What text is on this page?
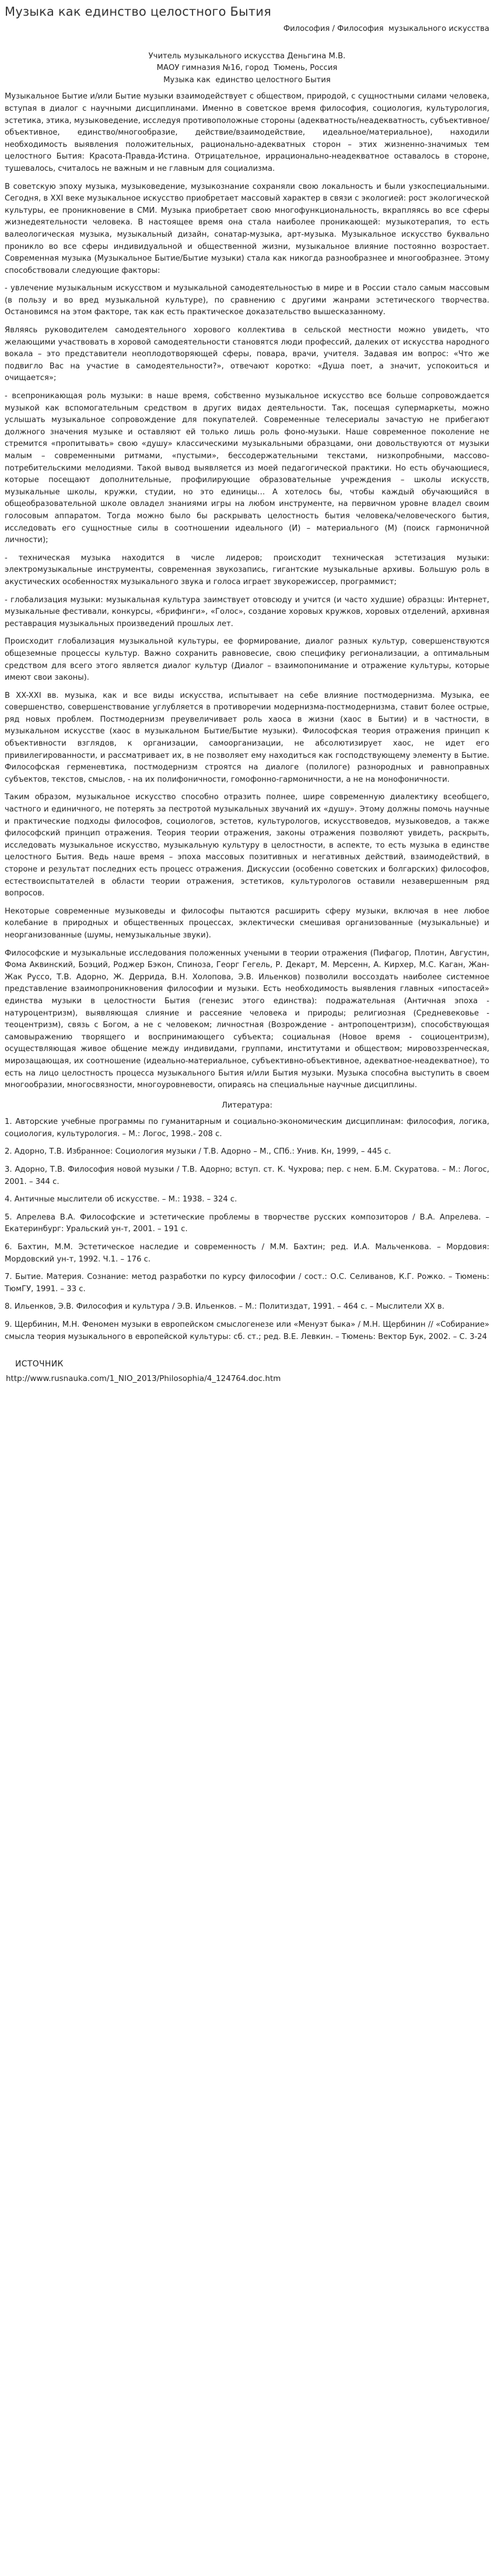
Музыка как единство целостного Бытия

Философия / Философия  музыкального искусства

Учитель музыкального искусства Деньгина М.В.

МАОУ гимназия №16, город  Тюмень, Россия

Музыка как  единство целостного Бытия

Музыкальное Бытие и/или Бытие музыки взаимодействует с обществом, природой, с сущностными силами человека, вступая в диалог с научными дисциплинами. Именно в советское время философия, социология, культурология, эстетика, этика, музыковедение, исследуя противоположные стороны (адекватность/неадекватность, субъективное/объективное, единство/многообразие, действие/взаимодействие, идеальное/материальное), находили необходимость выявления положительных, рационально-адекватных сторон – этих жизненно-значимых тем целостного Бытия: Красота-Правда-Истина. Отрицательное, иррационально-неадекватное оставалось в стороне, тушевалось, считалось не важным и не главным для социализма.

В советскую эпоху музыка, музыковедение, музыкознание сохраняли свою локальность и были узкоспециальными. Сегодня, в XXI веке музыкальное искусство приобретает массовый характер в связи с экологией: рост экологической культуры, ее проникновение в СМИ. Музыка приобретает свою многофункциональность, вкрапляясь во все сферы жизнедеятельности человека. В настоящее время она стала наиболее проникающей: музыкотерапия, то есть валеологическая музыка, музыкальный дизайн, сонатар-музыка, арт-музыка. Музыкальное искусство буквально проникло во все сферы индивидуальной и общественной жизни, музыкальное влияние постоянно возростает. Современная музыка (Музыкальное Бытие/Бытие музыки) стала как никогда разнообразнее и многообразнее. Этому способствовали следующие факторы:

- увлечение музыкальным искусством и музыкальной самодеятельностью в мире и в России стало самым массовым (в пользу и во вред музыкальной культуре), по сравнению с другими жанрами эстетического творчества. Остановимся на этом факторе, так как есть практическое доказательство вышесказанному.

Являясь руководителем самодеятельного хорового коллектива в сельской местности можно увидеть, что желающими участвовать в хоровой самодеятельности становятся люди профессий, далеких от искусства народного вокала – это представители неоплодотворяющей сферы, повара, врачи, учителя. Задавая им вопрос: «Что же подвигло Вас на участие в самодеятельности?», отвечают коротко: «Душа поет, а значит, успокоиться и очищается»;

- всепроникающая роль музыки: в наше время, собственно музыкальное искусство все больше сопровождается музыкой как вспомогательным средством в других видах деятельности. Так, посещая супермаркеты, можно услышать музыкальное сопровождение для покупателей. Современные телесериалы зачастую не прибегают должного значения музыке и оставляют ей только лишь роль фоно-музыки. Наше современное поколение не стремится «пропитывать» свою «душу» классическими музыкальными образцами, они довольствуются от музыки малым – современными ритмами, «пустыми», бессодержательными текстами, низкопробными, массово-потребительскими мелодиями. Такой вывод выявляется из моей педагогической практики. Но есть обучающиеся, которые посещают дополнительные, профилирующие образовательные учреждения – школы искусств, музыкальные школы, кружки, студии, но это единицы… А хотелось бы, чтобы каждый обучающийся в общеобразовательной школе овладел знаниями игры на любом инструменте, на первичном уровне владел своим голосовым аппаратом. Тогда можно было бы раскрывать целостность бытия человека/человеческого бытия, исследовать его сущностные силы в соотношении идеального (И) – материального (М) (поиск гармоничной личности);

- техническая музыка находится в числе лидеров; происходит техническая эстетизация музыки: электромузыкальные инструменты, современная звукозапись, гигантские музыкальные архивы. Большую роль в акустических особенностях музыкального звука и голоса играет звукорежиссер, программист;

- глобализация музыки: музыкальная культура заимствует отовсюду и учится (и часто худшие) образцы: Интернет, музыкальные фестивали, конкурсы, «брифинги», «Голос», создание хоровых кружков, хоровых отделений, архивная реставрация музыкальных произведений прошлых лет.

Происходит глобализация музыкальной культуры, ее формирование, диалог разных культур, совершенствуются общеземные процессы культур. Важно сохранить равновесие, свою специфику регионализации, а оптимальным средством для всего этого является диалог культур (Диалог – взаимопонимание и отражение культуры, которые имеют свои законы).

В XX-XXI вв. музыка, как и все виды искусства, испытывает на себе влияние постмодернизма. Музыка, ее совершенство, совершенствование углубляется в противоречии модернизма-постмодернизма, ставит более острые, ряд новых проблем. Постмодернизм преувеличивает роль хаоса в жизни (хаос в Бытии) и в частности, в музыкальном искусстве (хаос в музыкальном Бытие/Бытие музыки). Философская теория отражения принцип к объективности взглядов, к организации, самоорганизации, не абсолютизирует хаос, не идет его привилегированности, и рассматривает их, в не позволяет ему находиться как господствующему элементу в Бытие. Философская герменевтика, постмодернизм строятся на диалоге (полилоге) разнородных и равноправных субъектов, текстов, смыслов, - на их полифоничности, гомофонно-гармоничности, а не на монофоничности.

Таким образом, музыкальное искусство способно отразить полнее, шире современную диалектику всеобщего, частного и единичного, не потерять за пестротой музыкальных звучаний их «душу». Этому должны помочь научные и практические подходы философов, социологов, эстетов, культурологов, искусствоведов, музыковедов, а также философский принцип отражения. Теория теории отражения, законы отражения позволяют увидеть, раскрыть, исследовать музыкальное искусство, музыкальную культуру в целостности, в аспекте, то есть музыка в единстве целостного Бытия. Ведь наше время – эпоха массовых позитивных и негативных действий, взаимодействий, в стороне и результат последних есть процесс отражения. Дискуссии (особенно советских и болгарских) философов, естествоиспытателей в области теории отражения, эстетиков, культурологов оставили незавершенным ряд вопросов.

Некоторые современные музыковеды и философы пытаются расширить сферу музыки, включая в нее любое колебание в природных и общественных процессах, эклектически смешивая организованные (музыкальные) и неорганизованные (шумы, немузыкальные звуки).

Философские и музыкальные исследования положенных учеными в теории отражения (Пифагор, Плотин, Августин, Фома Аквинский, Боэций, Роджер Бэкон, Спиноза, Георг Гегель, Р. Декарт, М. Мерсенн, А. Кирхер, М.С. Каган, Жан-Жак Руссо, Т.В. Адорно, Ж. Деррида, В.Н. Холопова, Э.В. Ильенков) позволили воссоздать наиболее системное представление взаимопроникновения философии и музыки. Есть необходимость выявления главных «ипостасей» единства музыки в целостности Бытия (генезис этого единства): подражательная (Античная эпоха - натуроцентризм), выявляющая слияние и рассеяние человека и природы; религиозная (Средневековье - теоцентризм), связь с Богом, а не с человеком; личностная (Возрождение - антропоцентризм), способствующая самовыражению творящего и воспринимающего субъекта; социальная (Новое время - социоцентризм), осуществляющая живое общение между индивидами, группами, институтами и обществом; мировоззренческая, мирозащающая, их соотношение (идеально-материальное, субъективно-объективное, адекватное-неадекватное), то есть на лицо целостность процесса музыкального Бытия и/или Бытия музыки. Музыка способна выступить в своем многообразии, многосвязности, многоуровневости, опираясь на специальные научные дисциплины.

Литература:

1. Авторские учебные программы по гуманитарным и социально-экономическим дисциплинам: философия, логика, социология, культурология. – М.: Логос, 1998.- 208 с.

2. Адорно, Т.В. Избранное: Социология музыки / Т.В. Адорно – М., СПб.: Унив. Кн, 1999, – 445 с.

3. Адорно, Т.В. Философия новой музыки / Т.В. Адорно; вступ. ст. К. Чухрова; пер. с нем. Б.М. Скуратова. – М.: Логос, 2001. – 344 с.

4. Античные мыслители об искусстве. – М.: 1938. – 324 с.

5. Апрелева В.А. Философские и эстетические проблемы в творчестве русских композиторов / В.А. Апрелева. – Екатеринбург: Уральский ун-т, 2001. – 191 с.

6. Бахтин, М.М. Эстетическое наследие и современность / М.М. Бахтин; ред. И.А. Мальченкова. – Мордовия: Мордовский ун-т, 1992. Ч.1. – 176 с.

7. Бытие. Материя. Сознание: метод разработки по курсу философии / сост.: О.С. Селиванов, К.Г. Рожко. – Тюмень: ТюмГУ, 1991. – 33 с.

8. Ильенков, Э.В. Философия и культура / Э.В. Ильенков. – М.: Политиздат, 1991. – 464 с. – Мыслители XX в.

9. Щербинин, М.Н. Феномен музыки в европейском смыслогенезе или «Менуэт быка» / М.Н. Щербинин // «Собирание» смысла теория музыкального в европейской культуры: сб. ст.; ред. В.Е. Левкин. – Тюмень: Вектор Бук, 2002. – С. 3-24

ИСТОЧНИК
http://www.rusnauka.com/1_NIO_2013/Philosophia/4_124764.doc.htm
